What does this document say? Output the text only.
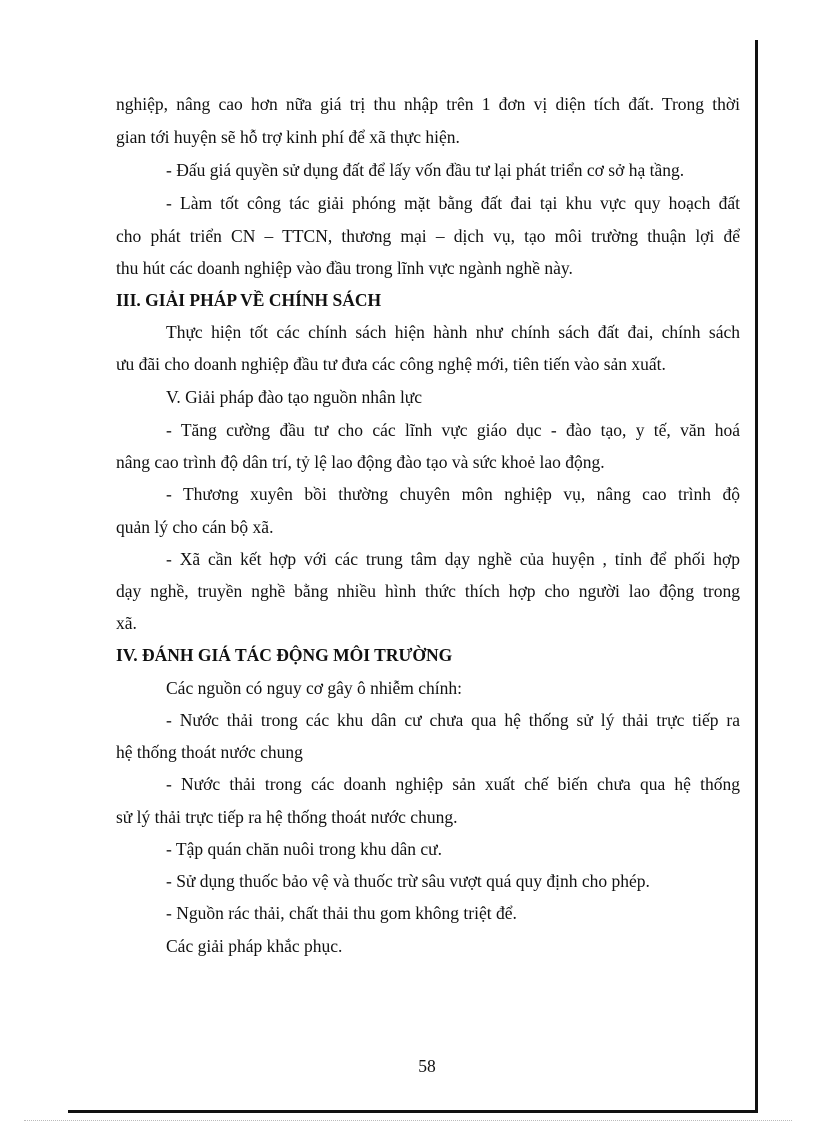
nghiệp, nâng cao hơn nữa giá trị thu nhập trên 1 đơn vị diện tích đất. Trong thời
gian tới huyện sẽ hỗ trợ kinh phí để xã thực hiện.
- Đấu giá quyền sử dụng đất để lấy vốn đầu tư lại phát triển cơ sở hạ tầng.
- Làm tốt công tác giải phóng mặt bằng đất đai tại khu vực quy hoạch đất
cho phát triển CN – TTCN, thương mại – dịch vụ, tạo môi trường thuận lợi để
thu hút các doanh nghiệp vào đầu trong lĩnh vực ngành nghề này.
III. GIẢI PHÁP VỀ CHÍNH SÁCH
Thực hiện tốt các chính sách hiện hành như chính sách đất đai, chính sách
ưu đãi cho doanh nghiệp đầu tư đưa các công nghệ mới, tiên tiến vào sản xuất.
V. Giải pháp đào tạo nguồn nhân lực
- Tăng cường đầu tư cho các lĩnh vực giáo dục - đào tạo, y tế, văn hoá
nâng cao trình độ dân trí, tỷ lệ lao động đào tạo và sức khoẻ lao động.
- Thương xuyên bồi thường chuyên môn nghiệp vụ, nâng cao trình độ
quản lý cho cán bộ xã.
- Xã cần kết hợp với các trung tâm dạy nghề của huyện , tỉnh để phối hợp
dạy nghề, truyền nghề bằng nhiều hình thức thích hợp cho người lao động trong
xã.
IV. ĐÁNH GIÁ TÁC ĐỘNG MÔI TRƯỜNG
Các nguồn có nguy cơ gây ô nhiễm chính:
- Nước thải trong các khu dân cư chưa qua hệ thống sử lý thải trực tiếp ra
hệ thống thoát nước chung
- Nước thải trong các doanh nghiệp sản xuất chế biến chưa qua hệ thống
sử lý thải trực tiếp ra hệ thống thoát nước chung.
- Tập quán chăn nuôi trong khu dân cư.
- Sử dụng thuốc bảo vệ và thuốc trừ sâu vượt quá quy định cho phép.
- Nguồn rác thải, chất thải thu gom không triệt để.
Các giải pháp khắc phục.
58
